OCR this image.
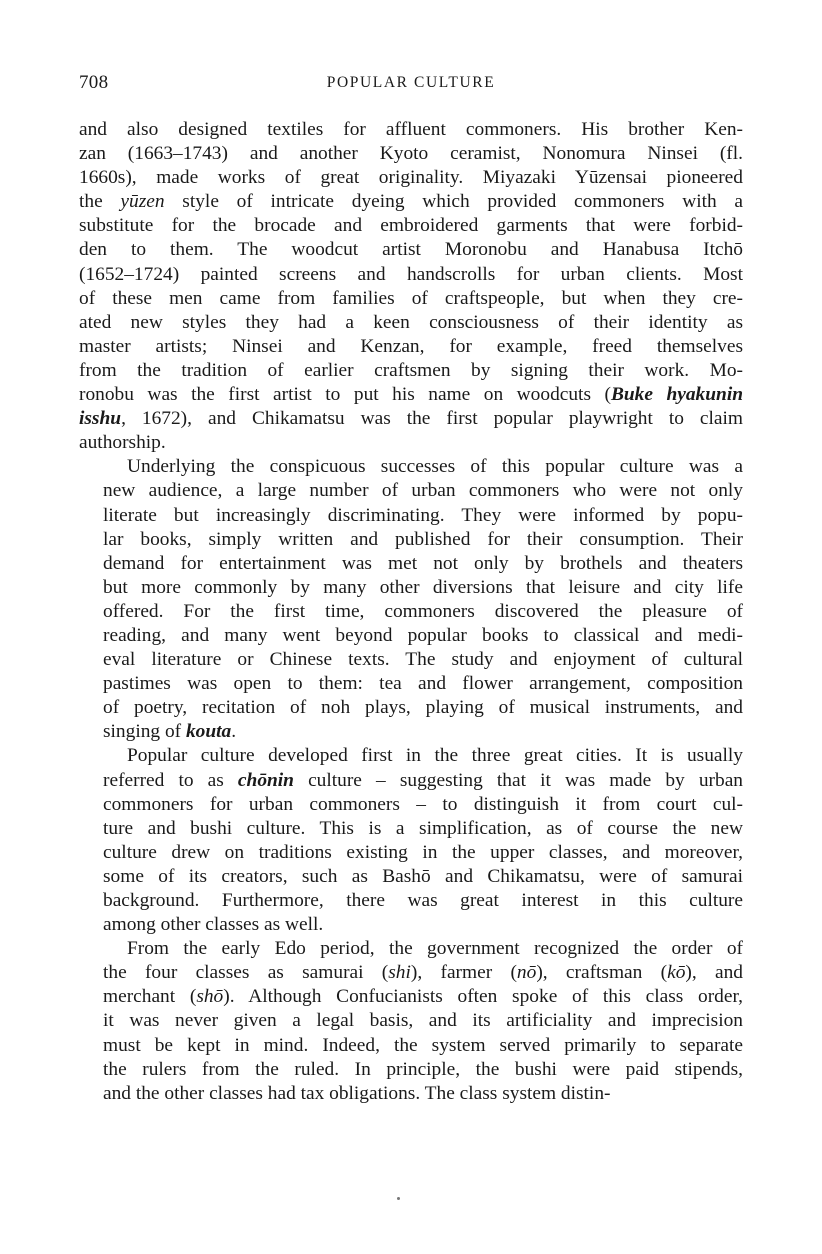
708	POPULAR CULTURE

and also designed textiles for affluent commoners. His brother Ken-
zan (1663–1743) and another Kyoto ceramist, Nonomura Ninsei (fl.
1660s), made works of great originality. Miyazaki Yūzensai pioneered
the yūzen style of intricate dyeing which provided commoners with a
substitute for the brocade and embroidered garments that were forbid-
den to them. The woodcut artist Moronobu and Hanabusa Itchō
(1652–1724) painted screens and handscrolls for urban clients. Most
of these men came from families of craftspeople, but when they cre-
ated new styles they had a keen consciousness of their identity as
master artists; Ninsei and Kenzan, for example, freed themselves
from the tradition of earlier craftsmen by signing their work. Mo-
ronobu was the first artist to put his name on woodcuts (Buke hyakunin
isshu, 1672), and Chikamatsu was the first popular playwright to claim
authorship.

Underlying the conspicuous successes of this popular culture was a
new audience, a large number of urban commoners who were not only
literate but increasingly discriminating. They were informed by popu-
lar books, simply written and published for their consumption. Their
demand for entertainment was met not only by brothels and theaters
but more commonly by many other diversions that leisure and city life
offered. For the first time, commoners discovered the pleasure of
reading, and many went beyond popular books to classical and medi-
eval literature or Chinese texts. The study and enjoyment of cultural
pastimes was open to them: tea and flower arrangement, composition
of poetry, recitation of noh plays, playing of musical instruments, and
singing of kouta.

Popular culture developed first in the three great cities. It is usually
referred to as chōnin culture – suggesting that it was made by urban
commoners for urban commoners – to distinguish it from court cul-
ture and bushi culture. This is a simplification, as of course the new
culture drew on traditions existing in the upper classes, and moreover,
some of its creators, such as Bashō and Chikamatsu, were of samurai
background. Furthermore, there was great interest in this culture
among other classes as well.

From the early Edo period, the government recognized the order of
the four classes as samurai (shi), farmer (nō), craftsman (kō), and
merchant (shō). Although Confucianists often spoke of this class order,
it was never given a legal basis, and its artificiality and imprecision
must be kept in mind. Indeed, the system served primarily to separate
the rulers from the ruled. In principle, the bushi were paid stipends,
and the other classes had tax obligations. The class system distin-
